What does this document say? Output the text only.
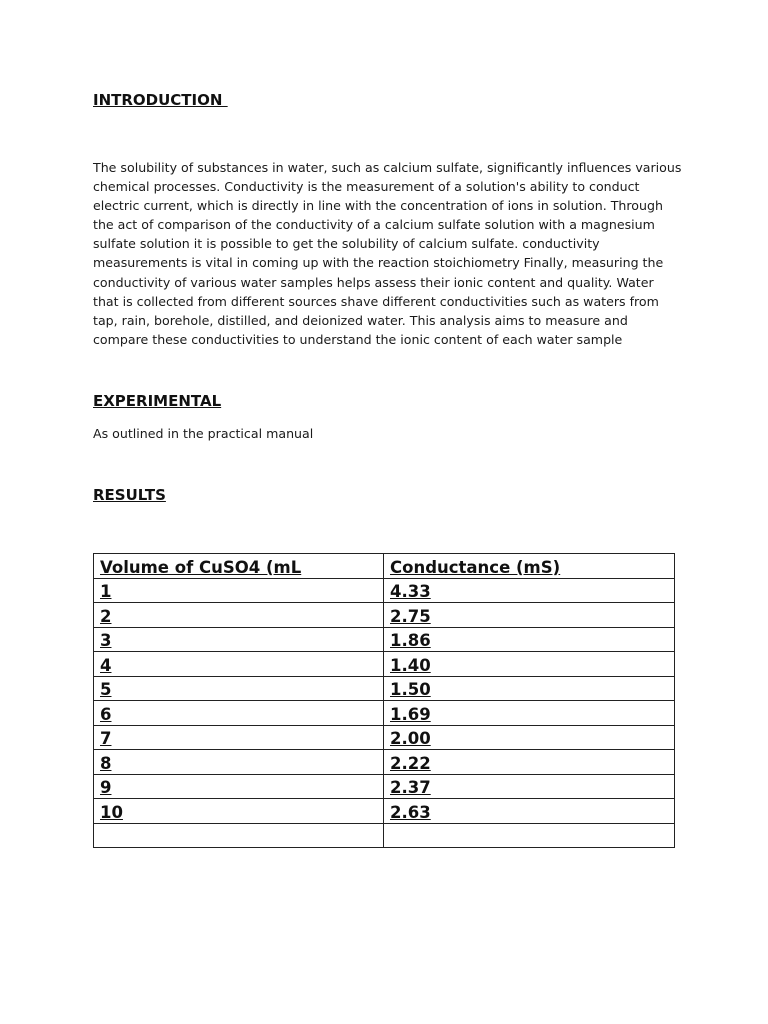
INTRODUCTION

The solubility of substances in water, such as calcium sulfate, significantly influences various chemical processes. Conductivity is the measurement of a solution's ability to conduct electric current, which is directly in line with the concentration of ions in solution. Through the act of comparison of the conductivity of a calcium sulfate solution with a magnesium sulfate solution it is possible to get the solubility of calcium sulfate. conductivity measurements is vital in coming up with the reaction stoichiometry Finally, measuring the conductivity of various water samples helps assess their ionic content and quality. Water that is collected from different sources shave different conductivities such as waters from tap, rain, borehole, distilled, and deionized water. This analysis aims to measure and compare these conductivities to understand the ionic content of each water sample

EXPERIMENTAL

As outlined in the practical manual

RESULTS
Volume of CuSO4 (mL	Conductance (mS)
1	4.33
2	2.75
3	1.86
4	1.40
5	1.50
6	1.69
7	2.00
8	2.22
9	2.37
10	2.63
